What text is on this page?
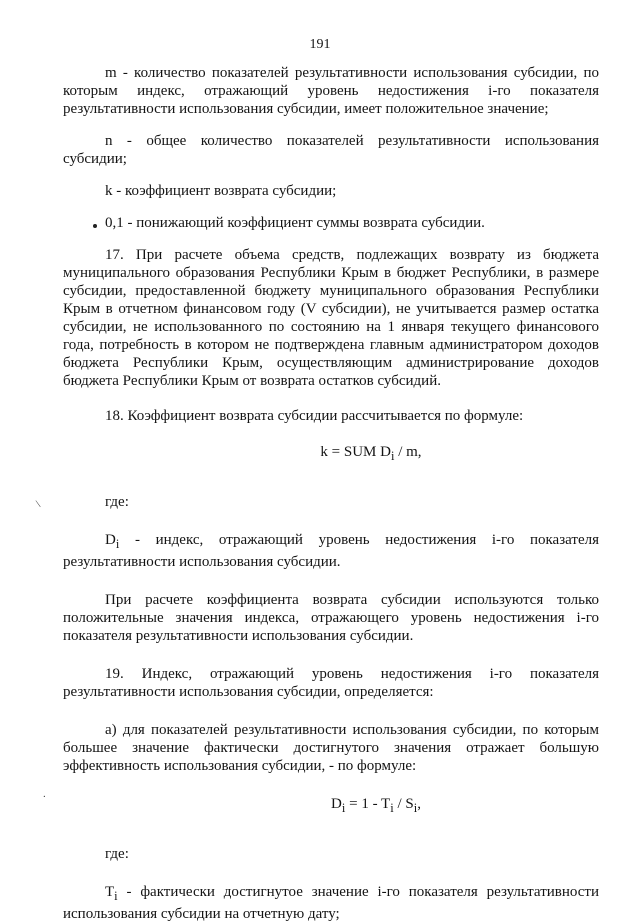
191
/
.

m - количество показателей результативности использования субсидии, по которым индекс, отражающий уровень недостижения i-го показателя результативности использования субсидии, имеет положительное значение;

n - общее количество показателей результативности использования субсидии;

k - коэффициент возврата субсидии;

0,1 - понижающий коэффициент суммы возврата субсидии.

17. При расчете объема средств, подлежащих возврату из бюджета муниципального образования Республики Крым в бюджет Республики, в размере субсидии, предоставленной бюджету муниципального образования Республики Крым в отчетном финансовом году (V субсидии), не учитывается размер остатка субсидии, не использованного по состоянию на 1 января текущего финансового года, потребность в котором не подтверждена главным администратором доходов бюджета Республики Крым, осуществляющим администрирование доходов бюджета Республики Крым от возврата остатков субсидий.

18. Коэффициент возврата субсидии рассчитывается по формуле:

k = SUM $D_i$ / m,

где:

$D_i$ - индекс, отражающий уровень недостижения i-го показателя результативности использования субсидии.

При расчете коэффициента возврата субсидии используются только положительные значения индекса, отражающего уровень недостижения i-го показателя результативности использования субсидии.

19. Индекс, отражающий уровень недостижения i-го показателя результативности использования субсидии, определяется:

а) для показателей результативности использования субсидии, по которым большее значение фактически достигнутого значения отражает большую эффективность использования субсидии, - по формуле:

$D_i = 1 - T_i / S_i$,

где:

$T_i$ - фактически достигнутое значение i-го показателя результативности использования субсидии на отчетную дату;
